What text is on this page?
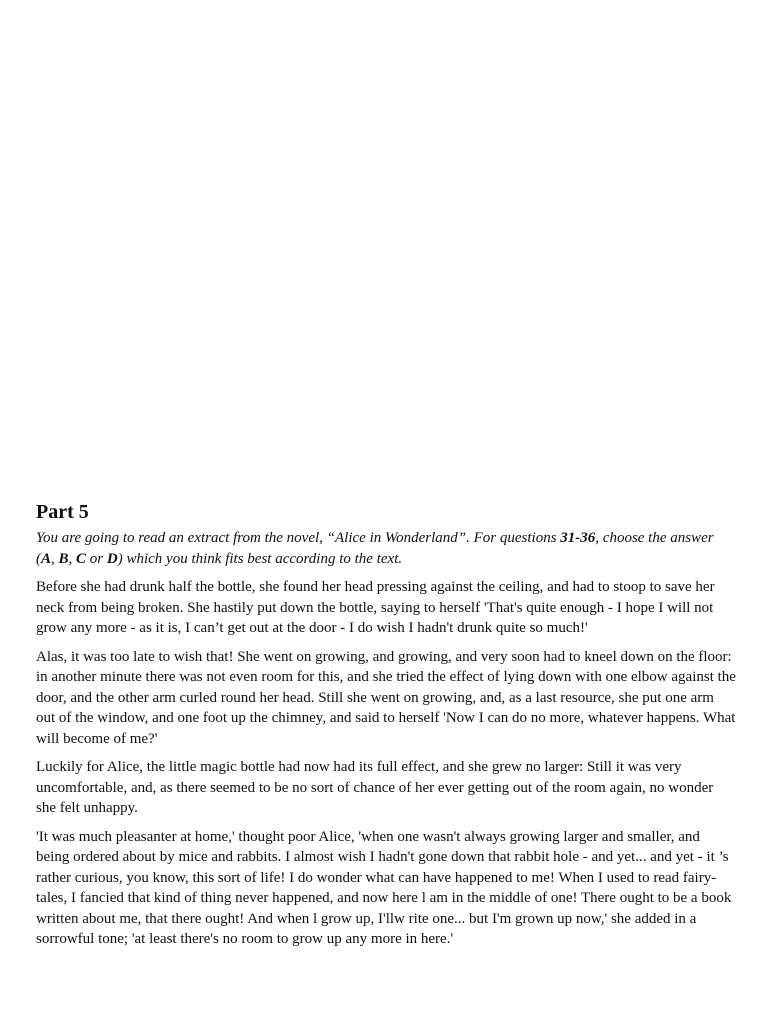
Part 5
You are going to read an extract from the novel, “Alice in Wonderland”. For questions 31-36, choose the answer (A, B, C or D) which you think fits best according to the text.

Before she had drunk half the bottle, she found her head pressing against the ceiling, and had to stoop to save her neck from being broken. She hastily put down the bottle, saying to herself 'That's quite enough - I hope I will not grow any more - as it is, I can’t get out at the door - I do wish I hadn't drunk quite so much!'

Alas, it was too late to wish that! She went on growing, and growing, and very soon had to kneel down on the floor: in another minute there was not even room for this, and she tried the effect of lying down with one elbow against the door, and the other arm curled round her head. Still she went on growing, and, as a last resource, she put one arm out of the window, and one foot up the chimney, and said to herself 'Now I can do no more, whatever happens. What will become of me?'

Luckily for Alice, the little magic bottle had now had its full effect, and she grew no larger: Still it was very uncomfortable, and, as there seemed to be no sort of chance of her ever getting out of the room again, no wonder she felt unhappy.

'It was much pleasanter at home,' thought poor Alice, 'when one wasn't always growing larger and smaller, and being ordered about by mice and rabbits. I almost wish I hadn't gone down that rabbit hole - and yet... and yet - it ’s rather curious, you know, this sort of life! I do wonder what can have happened to me! When I used to read fairy-tales, I fancied that kind of thing never happened, and now here l am in the middle of one! There ought to be a book written about me, that there ought! And when l grow up, I'llw rite one... but I'm grown up now,' she added in a sorrowful tone; 'at least there's no room to grow up any more in here.'
